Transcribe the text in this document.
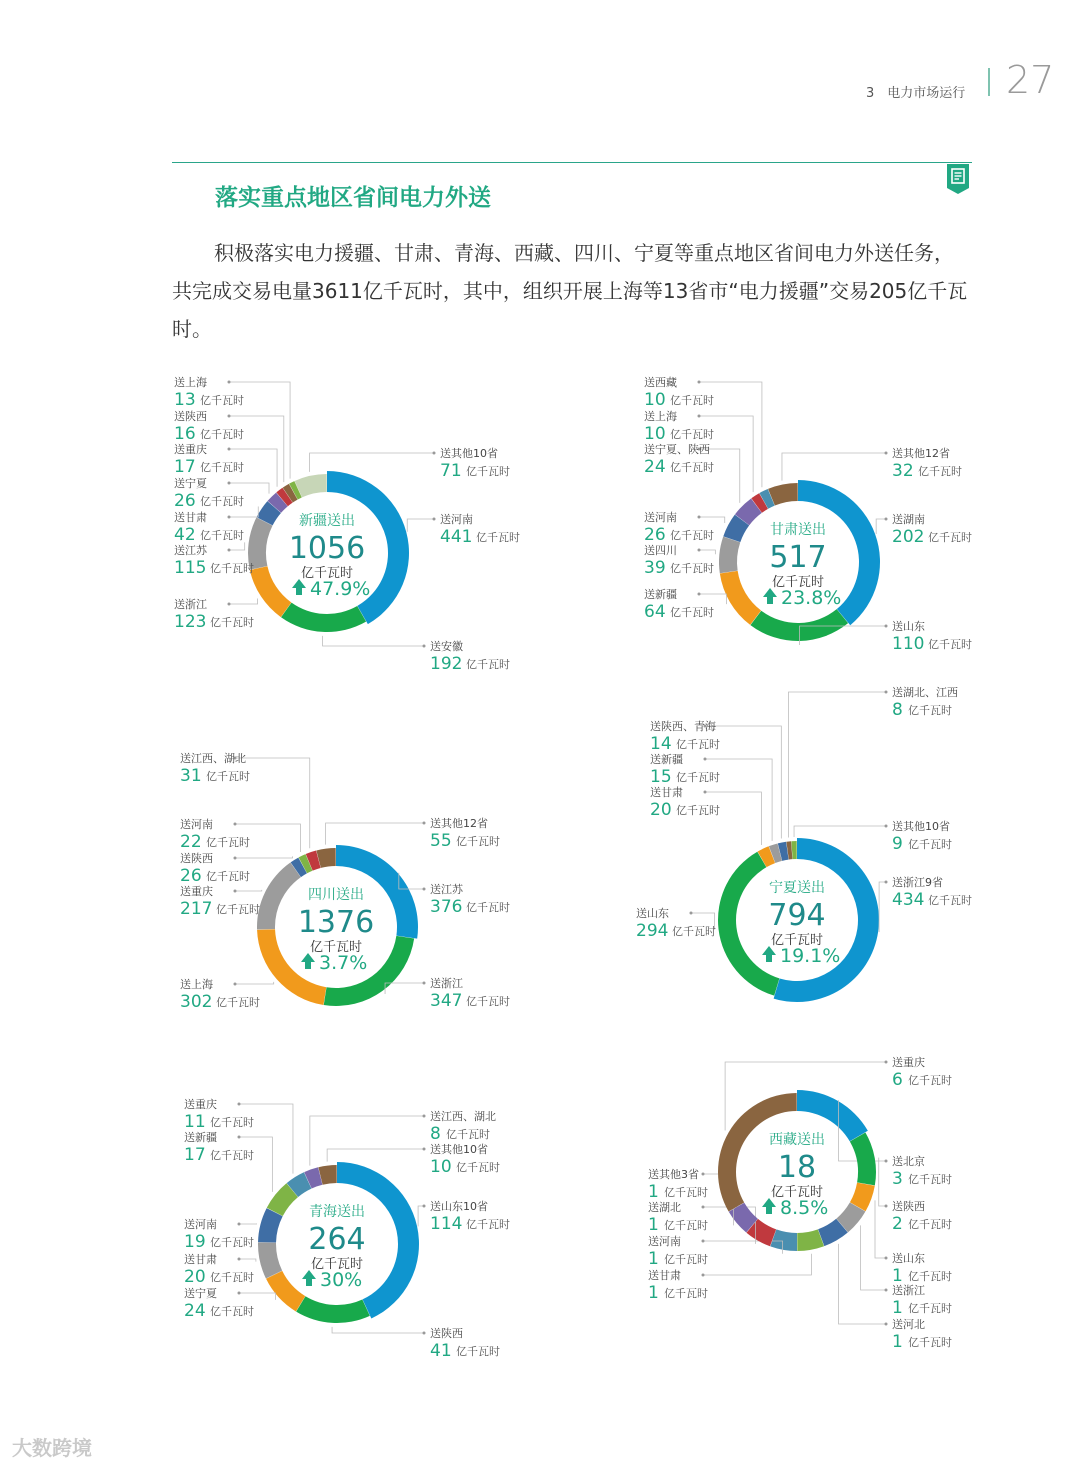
3　电力市场运行 27
落实重点地区省间电力外送

积极落实电力援疆、甘肃、青海、西藏、四川、宁夏等重点地区省间电力外送任务，共完成交易电量3611亿千瓦时，其中，组织开展上海等13省市“电力援疆”交易205亿千瓦时。

送河南
441 亿千瓦时
送安徽
192 亿千瓦时
送浙江
123 亿千瓦时
送江苏
115 亿千瓦时
送甘肃
42 亿千瓦时
送宁夏
26 亿千瓦时
送重庆
17 亿千瓦时
送陕西
16 亿千瓦时
送上海
13 亿千瓦时
送其他10省
71 亿千瓦时
新疆送出
1056
亿千瓦时
47.9%
送湖南
202 亿千瓦时
送山东
110 亿千瓦时
送新疆
64 亿千瓦时
送四川
39 亿千瓦时
送河南
26 亿千瓦时
送宁夏、陕西
24 亿千瓦时
送上海
10 亿千瓦时
送西藏
10 亿千瓦时
送其他12省
32 亿千瓦时
甘肃送出
517
亿千瓦时
23.8%
送江苏
376 亿千瓦时
送浙江
347 亿千瓦时
送上海
302 亿千瓦时
送重庆
217 亿千瓦时
送陕西
26 亿千瓦时
送河南
22 亿千瓦时
送江西、湖北
31 亿千瓦时
送其他12省
55 亿千瓦时
四川送出
1376
亿千瓦时
3.7%
送浙江9省
434 亿千瓦时
送山东
294 亿千瓦时
送甘肃
20 亿千瓦时
送新疆
15 亿千瓦时
送陕西、青海
14 亿千瓦时
送湖北、江西
8 亿千瓦时
送其他10省
9 亿千瓦时
宁夏送出
794
亿千瓦时
19.1%
送山东10省
114 亿千瓦时
送陕西
41 亿千瓦时
送宁夏
24 亿千瓦时
送甘肃
20 亿千瓦时
送河南
19 亿千瓦时
送新疆
17 亿千瓦时
送重庆
11 亿千瓦时	送江西、湖北
8 亿千瓦时
送其他10省
10 亿千瓦时
青海送出
264
亿千瓦时
30%
送北京
3 亿千瓦时
送陕西
2 亿千瓦时
送山东
1 亿千瓦时
送浙江
1 亿千瓦时
送河北
1 亿千瓦时
送甘肃
1 亿千瓦时
送河南
1 亿千瓦时
送湖北
1 亿千瓦时
送其他3省
1 亿千瓦时
送重庆
6 亿千瓦时
西藏送出
18
亿千瓦时
8.5%
大数跨境
